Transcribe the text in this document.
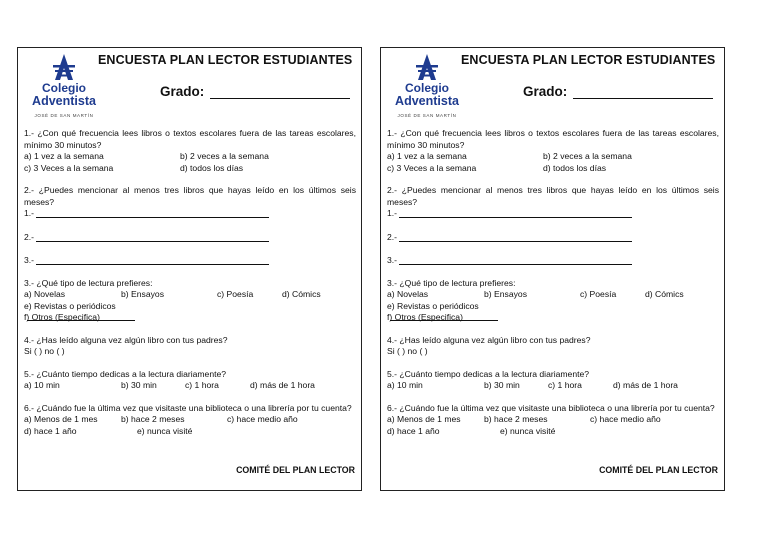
ENCUESTA PLAN LECTOR ESTUDIANTES
Colegio
Adventista
JOSÉ DE SAN MARTÍN
Grado:

1.- ¿Con qué frecuencia lees libros o textos escolares fuera de las tareas escolares, mínimo 30 minutos?

a) 1 vez a la semana	b) 2 veces a la semana
c) 3 Veces a la semana	d) todos los días

2.- ¿Puedes mencionar al menos tres libros que hayas leído en los últimos seis meses?

1.-
2.-
3.-
3.- ¿Qué tipo de lectura prefieres:
a) Novelas	b) Ensayos	c) Poesía	d) Cómics
e) Revistas o periódicos
f) Otros (Especifica)
4.- ¿Has leído alguna vez algún libro con tus padres?
Si ( ) no ( )
5.- ¿Cuánto tiempo dedicas a la lectura diariamente?
a) 10 min	b) 30 min	c) 1 hora	d) más de 1 hora

6.- ¿Cuándo fue la última vez que visitaste una biblioteca o una librería por tu cuenta?

a) Menos de 1 mes	b) hace 2 meses	c) hace medio año
d) hace 1 año	e) nunca visité
COMITÉ DEL PLAN LECTOR
ENCUESTA PLAN LECTOR ESTUDIANTES
Colegio
Adventista
JOSÉ DE SAN MARTÍN
Grado:

1.- ¿Con qué frecuencia lees libros o textos escolares fuera de las tareas escolares, mínimo 30 minutos?

a) 1 vez a la semana	b) 2 veces a la semana
c) 3 Veces a la semana	d) todos los días

2.- ¿Puedes mencionar al menos tres libros que hayas leído en los últimos seis meses?

1.-
2.-
3.-
3.- ¿Qué tipo de lectura prefieres:
a) Novelas	b) Ensayos	c) Poesía	d) Cómics
e) Revistas o periódicos
f) Otros (Especifica)
4.- ¿Has leído alguna vez algún libro con tus padres?
Si ( ) no ( )
5.- ¿Cuánto tiempo dedicas a la lectura diariamente?
a) 10 min	b) 30 min	c) 1 hora	d) más de 1 hora

6.- ¿Cuándo fue la última vez que visitaste una biblioteca o una librería por tu cuenta?

a) Menos de 1 mes	b) hace 2 meses	c) hace medio año
d) hace 1 año	e) nunca visité
COMITÉ DEL PLAN LECTOR
